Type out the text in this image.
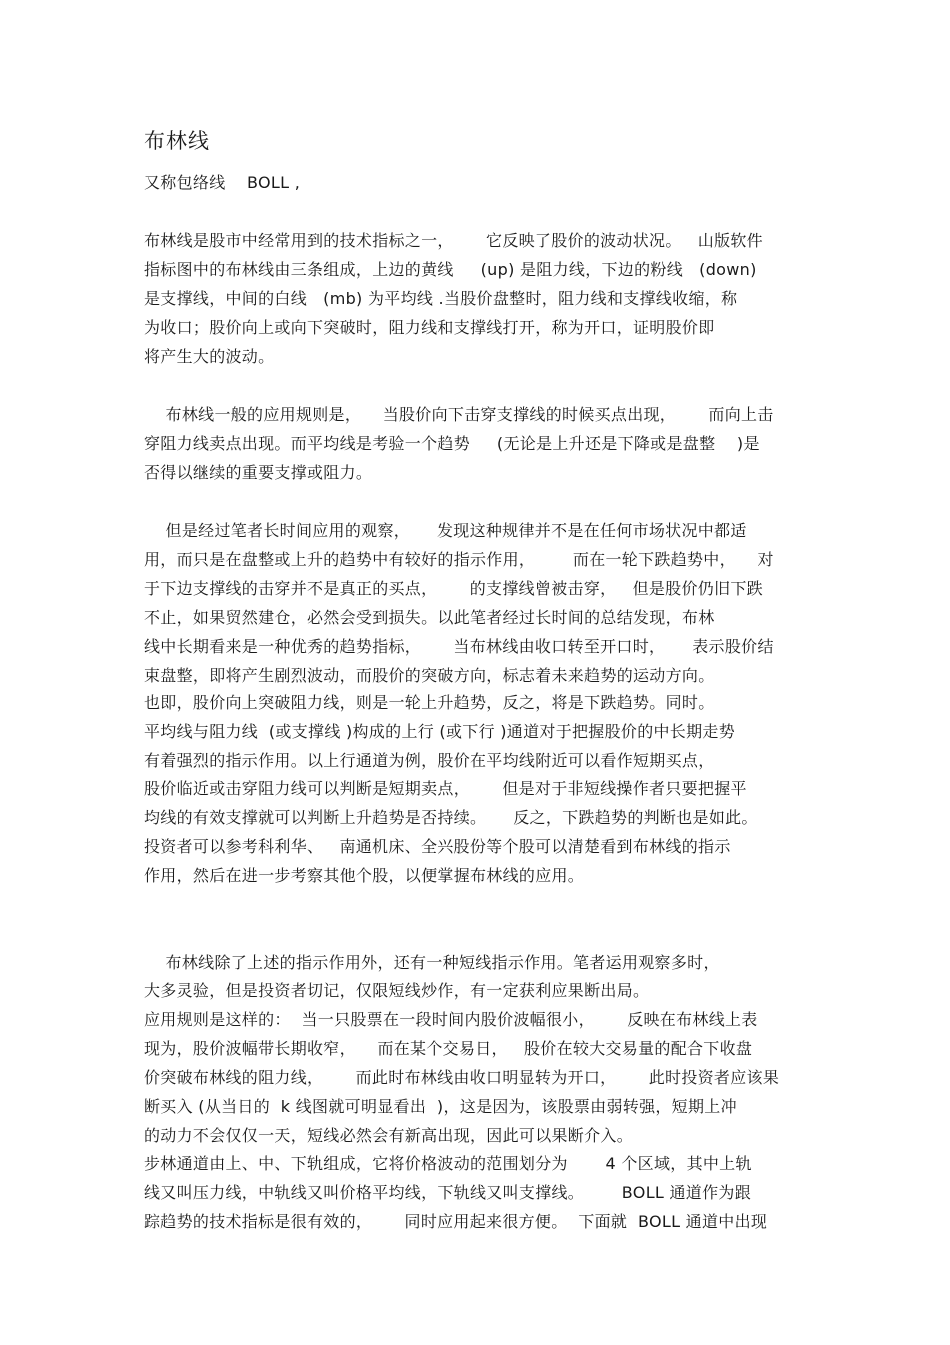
布林线
又称包络线    BOLL ,
布林线是股市中经常用到的技术指标之一，      它反映了股价的波动状况。   山版软件
指标图中的布林线由三条组成，上边的黄线     (up) 是阻力线，下边的粉线   (down)
是支撑线，中间的白线   (mb) 为平均线 .当股价盘整时，阻力线和支撑线收缩，称
为收口；股价向上或向下突破时，阻力线和支撑线打开，称为开口，证明股价即
将产生大的波动。
布林线一般的应用规则是，    当股价向下击穿支撑线的时候买点出现，      而向上击
穿阻力线卖点出现。而平均线是考验一个趋势     (无论是上升还是下降或是盘整    )是
否得以继续的重要支撑或阻力。
但是经过笔者长时间应用的观察，     发现这种规律并不是在任何市场状况中都适
用，而只是在盘整或上升的趋势中有较好的指示作用，       而在一轮下跌趋势中，    对
于下边支撑线的击穿并不是真正的买点，      的支撑线曾被击穿，   但是股价仍旧下跌
不止，如果贸然建仓，必然会受到损失。以此笔者经过长时间的总结发现，布林
线中长期看来是一种优秀的趋势指标，      当布林线由收口转至开口时，     表示股价结
束盘整，即将产生剧烈波动，而股价的突破方向，标志着未来趋势的运动方向。
也即，股价向上突破阻力线，则是一轮上升趋势，反之，将是下跌趋势。同时。
平均线与阻力线  (或支撑线 )构成的上行 (或下行 )通道对于把握股价的中长期走势
有着强烈的指示作用。以上行通道为例，股价在平均线附近可以看作短期买点，
股价临近或击穿阻力线可以判断是短期卖点，      但是对于非短线操作者只要把握平
均线的有效支撑就可以判断上升趋势是否持续。     反之，下跌趋势的判断也是如此。
投资者可以参考科利华、   南通机床、全兴股份等个股可以清楚看到布林线的指示
作用，然后在进一步考察其他个股，以便掌握布林线的应用。
布林线除了上述的指示作用外，还有一种短线指示作用。笔者运用观察多时，
大多灵验，但是投资者切记，仅限短线炒作，有一定获利应果断出局。
应用规则是这样的：  当一只股票在一段时间内股价波幅很小，      反映在布林线上表
现为，股价波幅带长期收窄，    而在某个交易日，   股价在较大交易量的配合下收盘
价突破布林线的阻力线，      而此时布林线由收口明显转为开口，      此时投资者应该果
断买入 (从当日的  k 线图就可明显看出  )，这是因为，该股票由弱转强，短期上冲
的动力不会仅仅一天，短线必然会有新高出现，因此可以果断介入。
步林通道由上、中、下轨组成，它将价格波动的范围划分为       4 个区域，其中上轨
线又叫压力线，中轨线又叫价格平均线，下轨线又叫支撑线。       BOLL 通道作为跟
踪趋势的技术指标是很有效的，      同时应用起来很方便。  下面就  BOLL 通道中出现
